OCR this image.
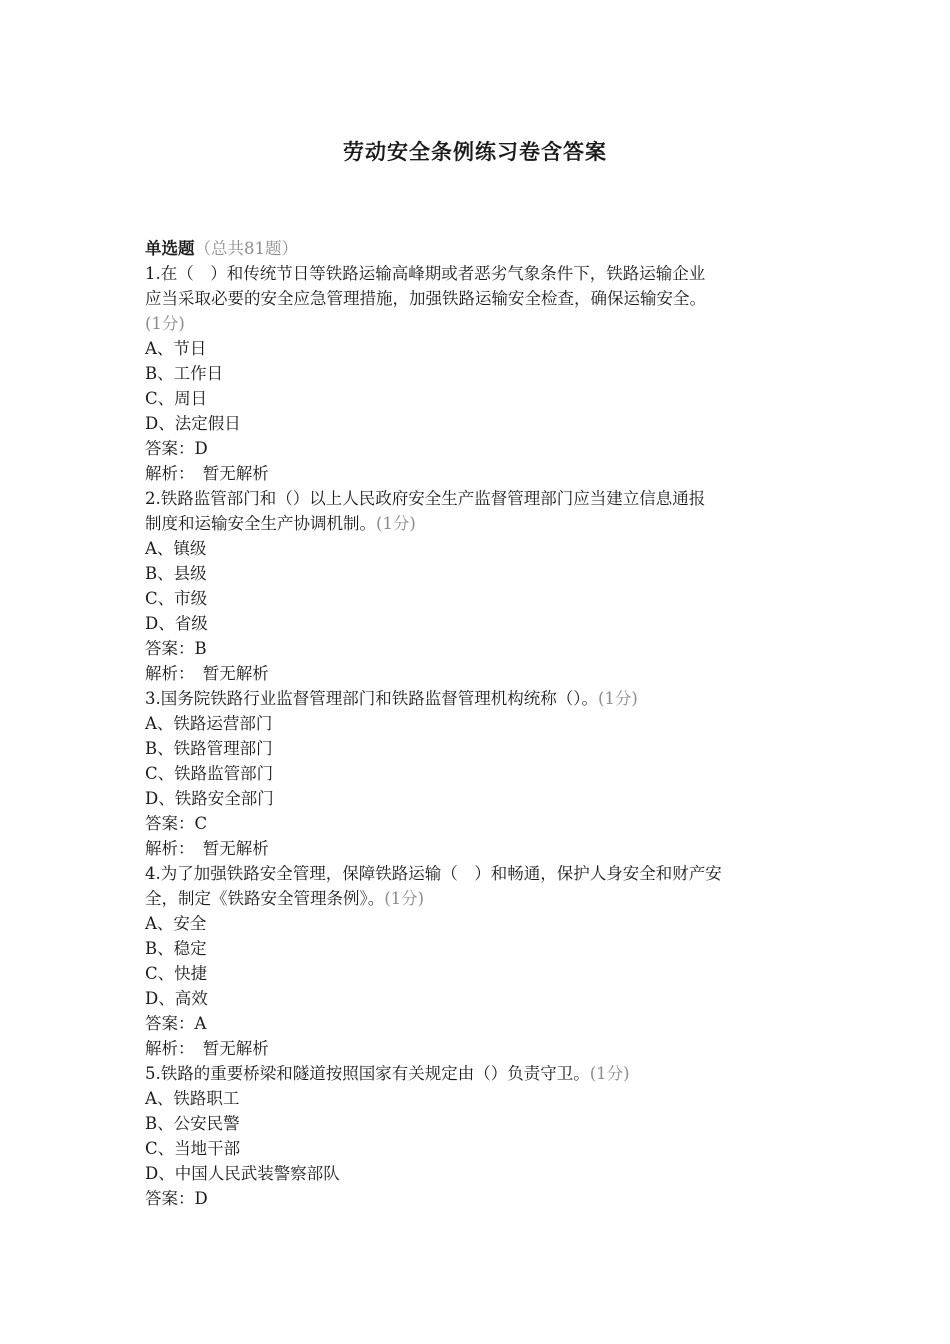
劳动安全条例练习卷含答案
单选题（总共81题）
1.在（　）和传统节日等铁路运输高峰期或者恶劣气象条件下，铁路运输企业
应当采取必要的安全应急管理措施，加强铁路运输安全检查，确保运输安全。
(1分)
A、节日
B、工作日
C、周日
D、法定假日
答案：D
解析：　暂无解析
2.铁路监管部门和（）以上人民政府安全生产监督管理部门应当建立信息通报
制度和运输安全生产协调机制。(1分)
A、镇级
B、县级
C、市级
D、省级
答案：B
解析：　暂无解析
3.国务院铁路行业监督管理部门和铁路监督管理机构统称（）。(1分)
A、铁路运营部门
B、铁路管理部门
C、铁路监管部门
D、铁路安全部门
答案：C
解析：　暂无解析
4.为了加强铁路安全管理，保障铁路运输（　）和畅通，保护人身安全和财产安
全，制定《铁路安全管理条例》。(1分)
A、安全
B、稳定
C、快捷
D、高效
答案：A
解析：　暂无解析
5.铁路的重要桥梁和隧道按照国家有关规定由（）负责守卫。(1分)
A、铁路职工
B、公安民警
C、当地干部
D、中国人民武装警察部队
答案：D
